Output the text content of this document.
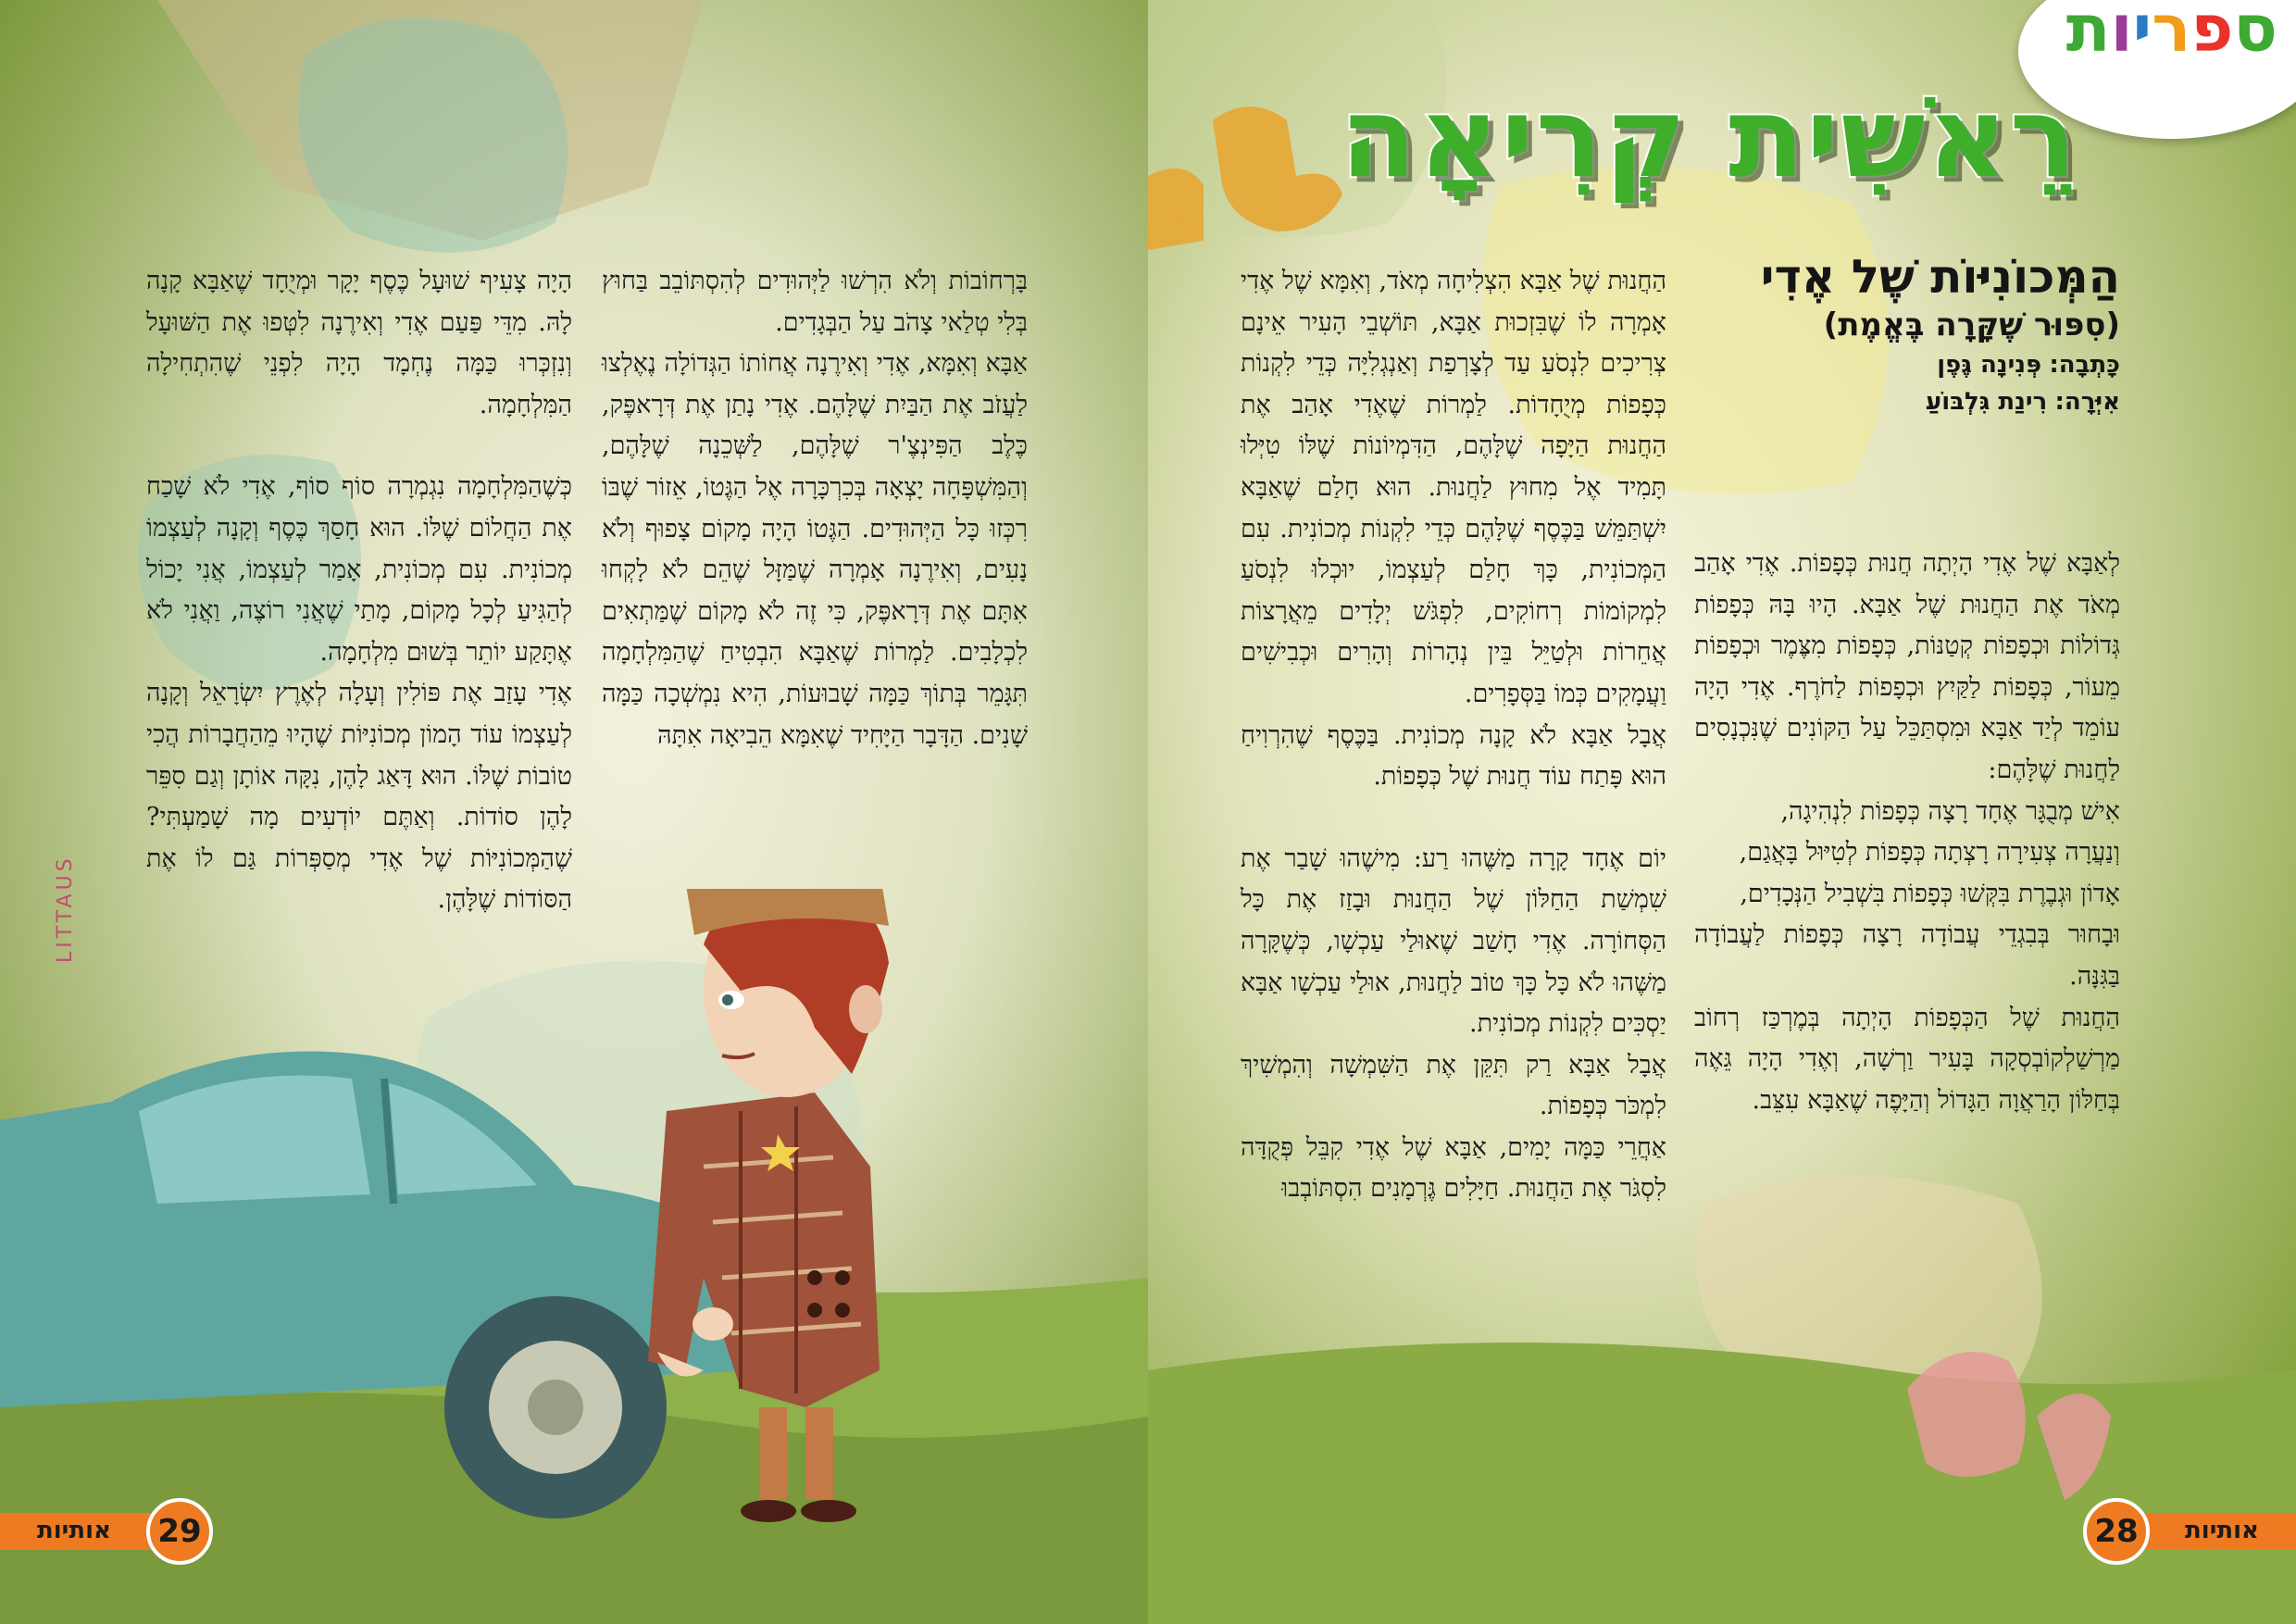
בָּרְחוֹבוֹת וְלֹא הִרְשׁוּ לַיְּהוּדִים לְהִסְתּוֹבֵב בַּחוּץ בְּלִי טְלַאי צָהֹב עַל הַבְּגָדִים.

אַבָּא וְאִמָּא, אֶדִי וְאִירֶנָה אֲחוֹתוֹ הַגְּדוֹלָה נֶאֶלְצוּ לַעֲזֹב אֶת הַבַּיִת שֶׁלָּהֶם. אֶדִי נָתַן אֶת דְּרָאפֶּק, כֶּלֶב הַפִּינְצֶ'ר שֶׁלָּהֶם, לַשְּׁכֵנָה שֶׁלָּהֶם, וְהַמִּשְׁפָּחָה יָצְאָה בְּכִרְכָּרָה אֶל הַגֶּטוֹ, אֵזוֹר שֶׁבּוֹ רִכְּזוּ כָּל הַיְּהוּדִים. הַגֶּטוֹ הָיָה מָקוֹם צָפוּף וְלֹא נָעִים, וְאִירֶנָה אָמְרָה שֶׁמַּזָּל שֶׁהֵם לֹא לָקְחוּ אִתָּם אֶת דְּרָאפֶּק, כִּי זֶה לֹא מָקוֹם שֶׁמַּתְאִים לִכְלָבִים. לַמְרוֹת שֶׁאַבָּא הִבְטִיחַ שֶׁהַמִּלְחָמָה תִּגָּמֵר בְּתוֹךְ כַּמָּה שָׁבוּעוֹת, הִיא נִמְשְׁכָה כַּמָּה שָׁנִים. הַדָּבָר הַיָּחִיד שֶׁאִמָּא הֵבִיאָה אִתָּהּ

הָיָה צָעִיף שׁוּעָל כֶּסֶף יָקָר וּמְיֻחָד שֶׁאַבָּא קָנָה לָהּ. מִדֵּי פַּעַם אֶדִי וְאִירֶנָה לִטְּפוּ אֶת הַשּׁוּעָל וְנִזְכְּרוּ כַּמָּה נֶחְמָד הָיָה לִפְנֵי שֶׁהִתְחִילָה הַמִּלְחָמָה.

כְּשֶׁהַמִּלְחָמָה נִגְמְרָה סוֹף סוֹף, אֶדִי לֹא שָׁכַח אֶת הַחֲלוֹם שֶׁלּוֹ. הוּא חָסַךְ כֶּסֶף וְקָנָה לְעַצְמוֹ מְכוֹנִית. עִם מְכוֹנִית, אָמַר לְעַצְמוֹ, אֲנִי יָכוֹל לְהַגִּיעַ לְכָל מָקוֹם, מָתַי שֶׁאֲנִי רוֹצֶה, וַאֲנִי לֹא אֶתָּקַע יוֹתֵר בְּשׁוּם מִלְחָמָה.

אֶדִי עָזַב אֶת פּוֹלִין וְעָלָה לְאֶרֶץ יִשְׂרָאֵל וְקָנָה לְעַצְמוֹ עוֹד הָמוֹן מְכוֹנִיּוֹת שֶׁהָיוּ מֵהַחֲבָרוֹת הֲכִי טוֹבוֹת שֶׁלּוֹ. הוּא דָּאַג לָהֶן, נִקָּה אוֹתָן וְגַם סִפֵּר לָהֶן סוֹדוֹת. וְאַתֶּם יוֹדְעִים מָה שָׁמַעְתִּי? שֶׁהַמְּכוֹנִיּוֹת שֶׁל אֶדִי מְסַפְּרוֹת גַּם לוֹ אֶת הַסּוֹדוֹת שֶׁלָּהֶן.

LITTAUS
29
אותיות
ספריות
רֵאשִׁית קְרִיאָה
הַמְּכוֹנִיּוֹת שֶׁל אֶדִי
(סִפּוּר שֶׁקָּרָה בֶּאֱמֶת)
כָּתְבָה: פְּנִינָה גֶּפֶן
אִיְּרָה: רִינַת גִּלְבּוֹעַ

לְאַבָּא שֶׁל אֶדִי הָיְתָה חֲנוּת כְּפָפוֹת. אֶדִי אָהַב מְאֹד אֶת הַחֲנוּת שֶׁל אַבָּא. הָיוּ בָּהּ כְּפָפוֹת גְּדוֹלוֹת וּכְפָפוֹת קְטַנּוֹת, כְּפָפוֹת מִצֶּמֶר וּכְפָפוֹת מֵעוֹר, כְּפָפוֹת לַקַּיִץ וּכְפָפוֹת לַחֹרֶף. אֶדִי הָיָה עוֹמֵד לְיַד אַבָּא וּמִסְתַּכֵּל עַל הַקּוֹנִים שֶׁנִּכְנָסִים לַחֲנוּת שֶׁלָּהֶם:

אִישׁ מְבֻגָּר אֶחָד רָצָה כְּפָפוֹת לִנְהִיגָה,

וְנַעֲרָה צְעִירָה רָצְתָה כְּפָפוֹת לְטִיּוּל בָּאֲגַם,

אָדוֹן וּגְבֶרֶת בִּקְּשׁוּ כְּפָפוֹת בִּשְׁבִיל הַנְּכָדִים,

וּבָחוּר בְּבִגְדֵי עֲבוֹדָה רָצָה כְּפָפוֹת לַעֲבוֹדָה בַּגִּנָּה.

הַחֲנוּת שֶׁל הַכְּפָפוֹת הָיְתָה בְּמֶרְכַּז רְחוֹב מַרְשַׁלְקוֹבְסְקָה בָּעִיר וַרְשָׁה, וְאֶדִי הָיָה גֵּאֶה בְּחַלּוֹן הָרַאֲוָה הַגָּדוֹל וְהַיָּפֶה שֶׁאַבָּא עִצֵּב.

הַחֲנוּת שֶׁל אַבָּא הִצְלִיחָה מְאֹד, וְאִמָּא שֶׁל אֶדִי אָמְרָה לוֹ שֶׁבִּזְכוּת אַבָּא, תּוֹשְׁבֵי הָעִיר אֵינָם צְרִיכִים לִנְסֹעַ עַד לְצָרְפַת וְאַנְגְלִיָּה כְּדֵי לִקְנוֹת כְּפָפוֹת מְיֻחָדוֹת. לַמְרוֹת שֶׁאֶדִי אָהַב אֶת הַחֲנוּת הַיָּפָה שֶׁלָּהֶם, הַדִּמְיוֹנוֹת שֶׁלּוֹ טִיְּלוּ תָּמִיד אֶל מִחוּץ לַחֲנוּת. הוּא חָלַם שֶׁאַבָּא יִשְׁתַּמֵּשׁ בַּכֶּסֶף שֶׁלָּהֶם כְּדֵי לִקְנוֹת מְכוֹנִית. עִם הַמְּכוֹנִית, כָּךְ חָלַם לְעַצְמוֹ, יוּכְלוּ לִנְסֹעַ לִמְקוֹמוֹת רְחוֹקִים, לִפְגֹּשׁ יְלָדִים מֵאֲרָצוֹת אֲחֵרוֹת וּלְטַיֵּל בֵּין נְהָרוֹת וְהָרִים וּכְבִישִׁים וַעֲמָקִים כְּמוֹ בַּסְּפָרִים.

אֲבָל אַבָּא לֹא קָנָה מְכוֹנִית. בַּכֶּסֶף שֶׁהִרְוִיחַ הוּא פָּתַח עוֹד חֲנוּת שֶׁל כְּפָפוֹת.

יוֹם אֶחָד קָרָה מַשֶּׁהוּ רַע: מִישֶׁהוּ שָׁבַר אֶת שִׁמְשַׁת הַחַלּוֹן שֶׁל הַחֲנוּת וּבָזַז אֶת כָּל הַסְּחוֹרָה. אֶדִי חָשַׁב שֶׁאוּלַי עַכְשָׁו, כְּשֶׁקָּרָה מַשֶּׁהוּ לֹא כָּל כָּךְ טוֹב לַחֲנוּת, אוּלַי עַכְשָׁו אַבָּא יַסְכִּים לִקְנוֹת מְכוֹנִית.

אֲבָל אַבָּא רַק תִּקֵּן אֶת הַשִּׁמְשָׁה וְהִמְשִׁיךְ לִמְכֹּר כְּפָפוֹת.

אַחֲרֵי כַּמָּה יָמִים, אַבָּא שֶׁל אֶדִי קִבֵּל פְּקֻדָּה לִסְגֹּר אֶת הַחֲנוּת. חַיָּלִים גֶּרְמָנִים הִסְתּוֹבְבוּ

28	אותיות
